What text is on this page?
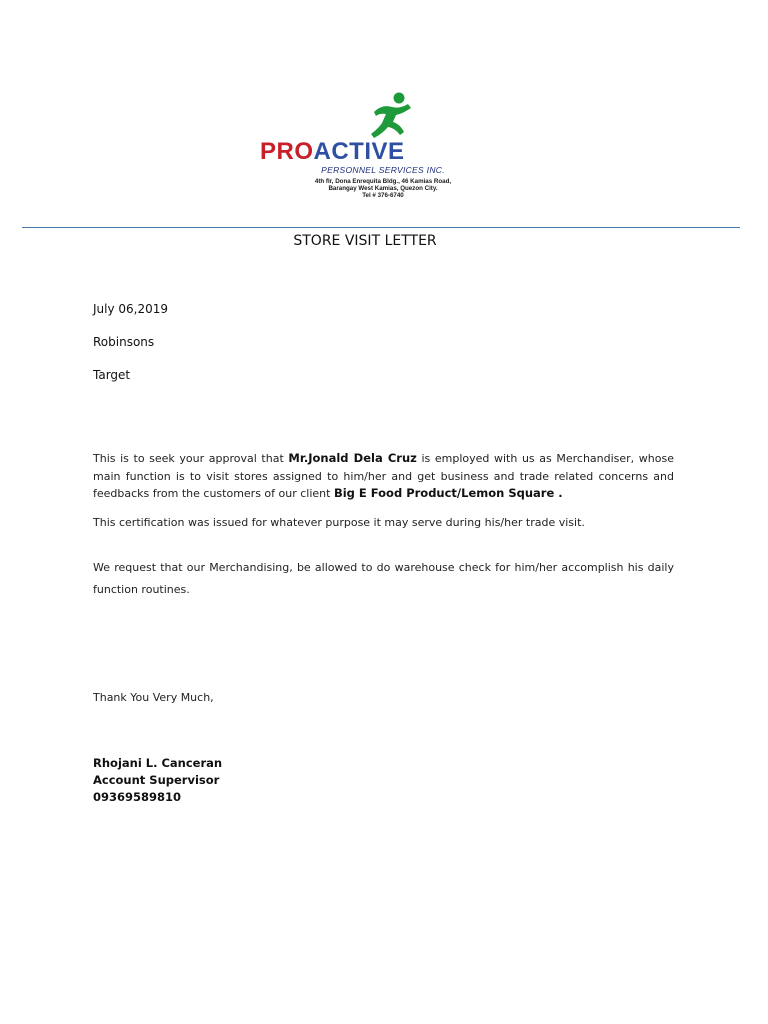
PROACTIVE
PERSONNEL SERVICES INC.
4th flr, Dona Enrequita Bldg., 46 Kamias Road,
Barangay West Kamias, Quezon City.
Tel # 376-6740
STORE VISIT LETTER
July 06,2019
Robinsons
Target

This is to seek your approval that Mr.Jonald Dela Cruz is employed with us as Merchandiser, whose main function is to visit stores assigned to him/her and get business and trade related concerns and feedbacks from the customers of our client Big E Food Product/Lemon Square .

This certification was issued for whatever purpose it may serve during his/her trade visit.

We request that our Merchandising, be allowed to do warehouse check for him/her accomplish his daily function routines.

Thank You Very Much,
Rhojani L. Canceran
Account Supervisor
09369589810
